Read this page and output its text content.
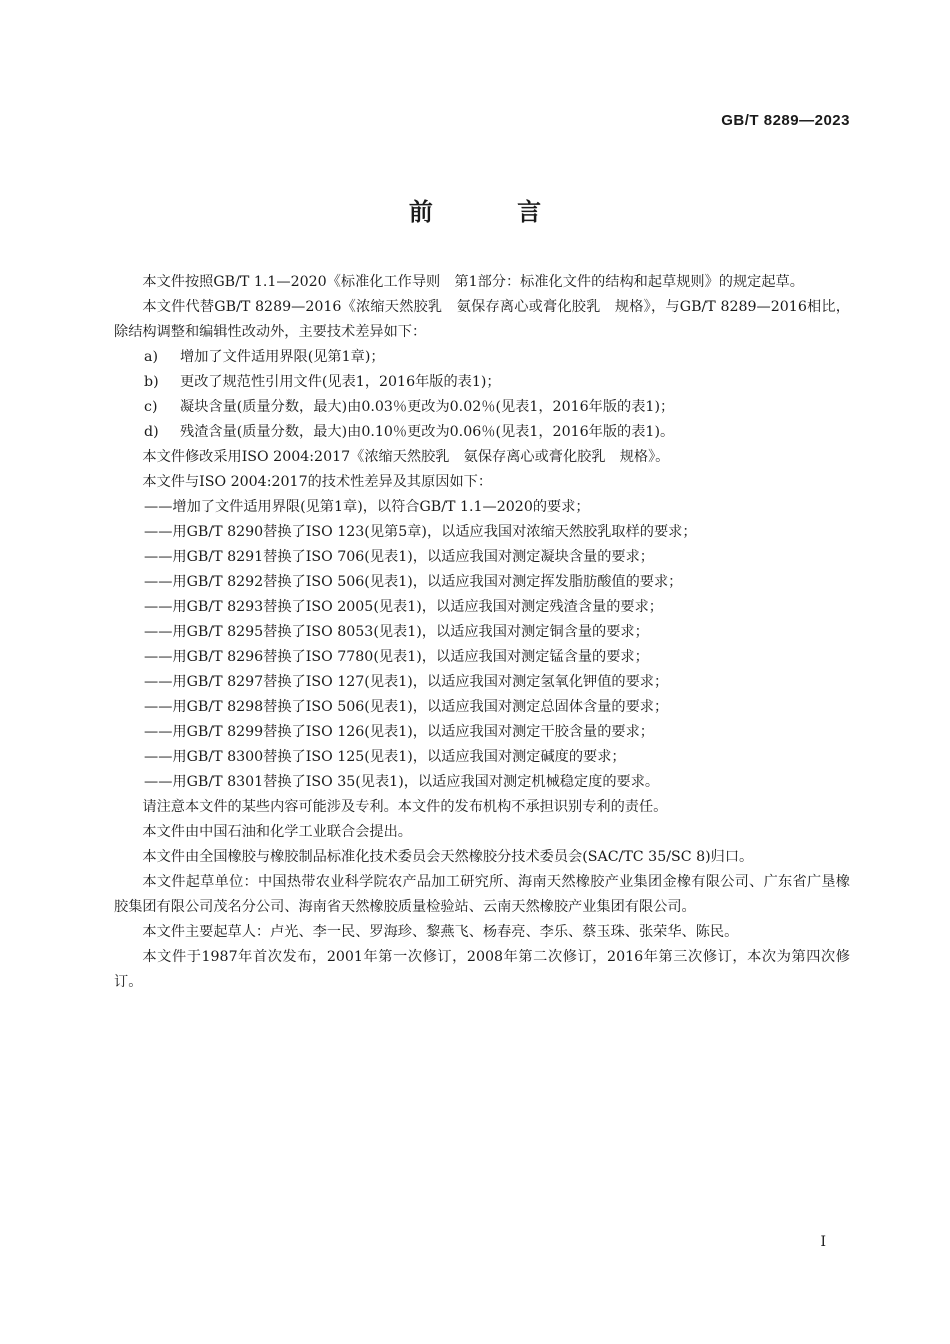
GB/T 8289—2023
前 言

本文件按照GB/T 1.1—2020《标准化工作导则　第1部分：标准化文件的结构和起草规则》的规定起草。

本文件代替GB/T 8289—2016《浓缩天然胶乳　氨保存离心或膏化胶乳　规格》，与GB/T 8289—2016相比，除结构调整和编辑性改动外，主要技术差异如下：

a)	增加了文件适用界限(见第1章)；
b)	更改了规范性引用文件(见表1，2016年版的表1)；
c)	凝块含量(质量分数，最大)由0.03％更改为0.02％(见表1，2016年版的表1)；
d)	残渣含量(质量分数，最大)由0.10％更改为0.06％(见表1，2016年版的表1)。

本文件修改采用ISO 2004:2017《浓缩天然胶乳　氨保存离心或膏化胶乳　规格》。

本文件与ISO 2004:2017的技术性差异及其原因如下：

——增加了文件适用界限(见第1章)，以符合GB/T 1.1—2020的要求；
——用GB/T 8290替换了ISO 123(见第5章)，以适应我国对浓缩天然胶乳取样的要求；
——用GB/T 8291替换了ISO 706(见表1)，以适应我国对测定凝块含量的要求；
——用GB/T 8292替换了ISO 506(见表1)，以适应我国对测定挥发脂肪酸值的要求；
——用GB/T 8293替换了ISO 2005(见表1)，以适应我国对测定残渣含量的要求；
——用GB/T 8295替换了ISO 8053(见表1)，以适应我国对测定铜含量的要求；
——用GB/T 8296替换了ISO 7780(见表1)，以适应我国对测定锰含量的要求；
——用GB/T 8297替换了ISO 127(见表1)，以适应我国对测定氢氧化钾值的要求；
——用GB/T 8298替换了ISO 506(见表1)，以适应我国对测定总固体含量的要求；
——用GB/T 8299替换了ISO 126(见表1)，以适应我国对测定干胶含量的要求；
——用GB/T 8300替换了ISO 125(见表1)，以适应我国对测定碱度的要求；
——用GB/T 8301替换了ISO 35(见表1)，以适应我国对测定机械稳定度的要求。

请注意本文件的某些内容可能涉及专利。本文件的发布机构不承担识别专利的责任。

本文件由中国石油和化学工业联合会提出。

本文件由全国橡胶与橡胶制品标准化技术委员会天然橡胶分技术委员会(SAC/TC 35/SC 8)归口。

本文件起草单位：中国热带农业科学院农产品加工研究所、海南天然橡胶产业集团金橡有限公司、广东省广垦橡胶集团有限公司茂名分公司、海南省天然橡胶质量检验站、云南天然橡胶产业集团有限公司。

本文件主要起草人：卢光、李一民、罗海珍、黎燕飞、杨春亮、李乐、蔡玉珠、张荣华、陈民。

本文件于1987年首次发布，2001年第一次修订，2008年第二次修订，2016年第三次修订，本次为第四次修订。

I
